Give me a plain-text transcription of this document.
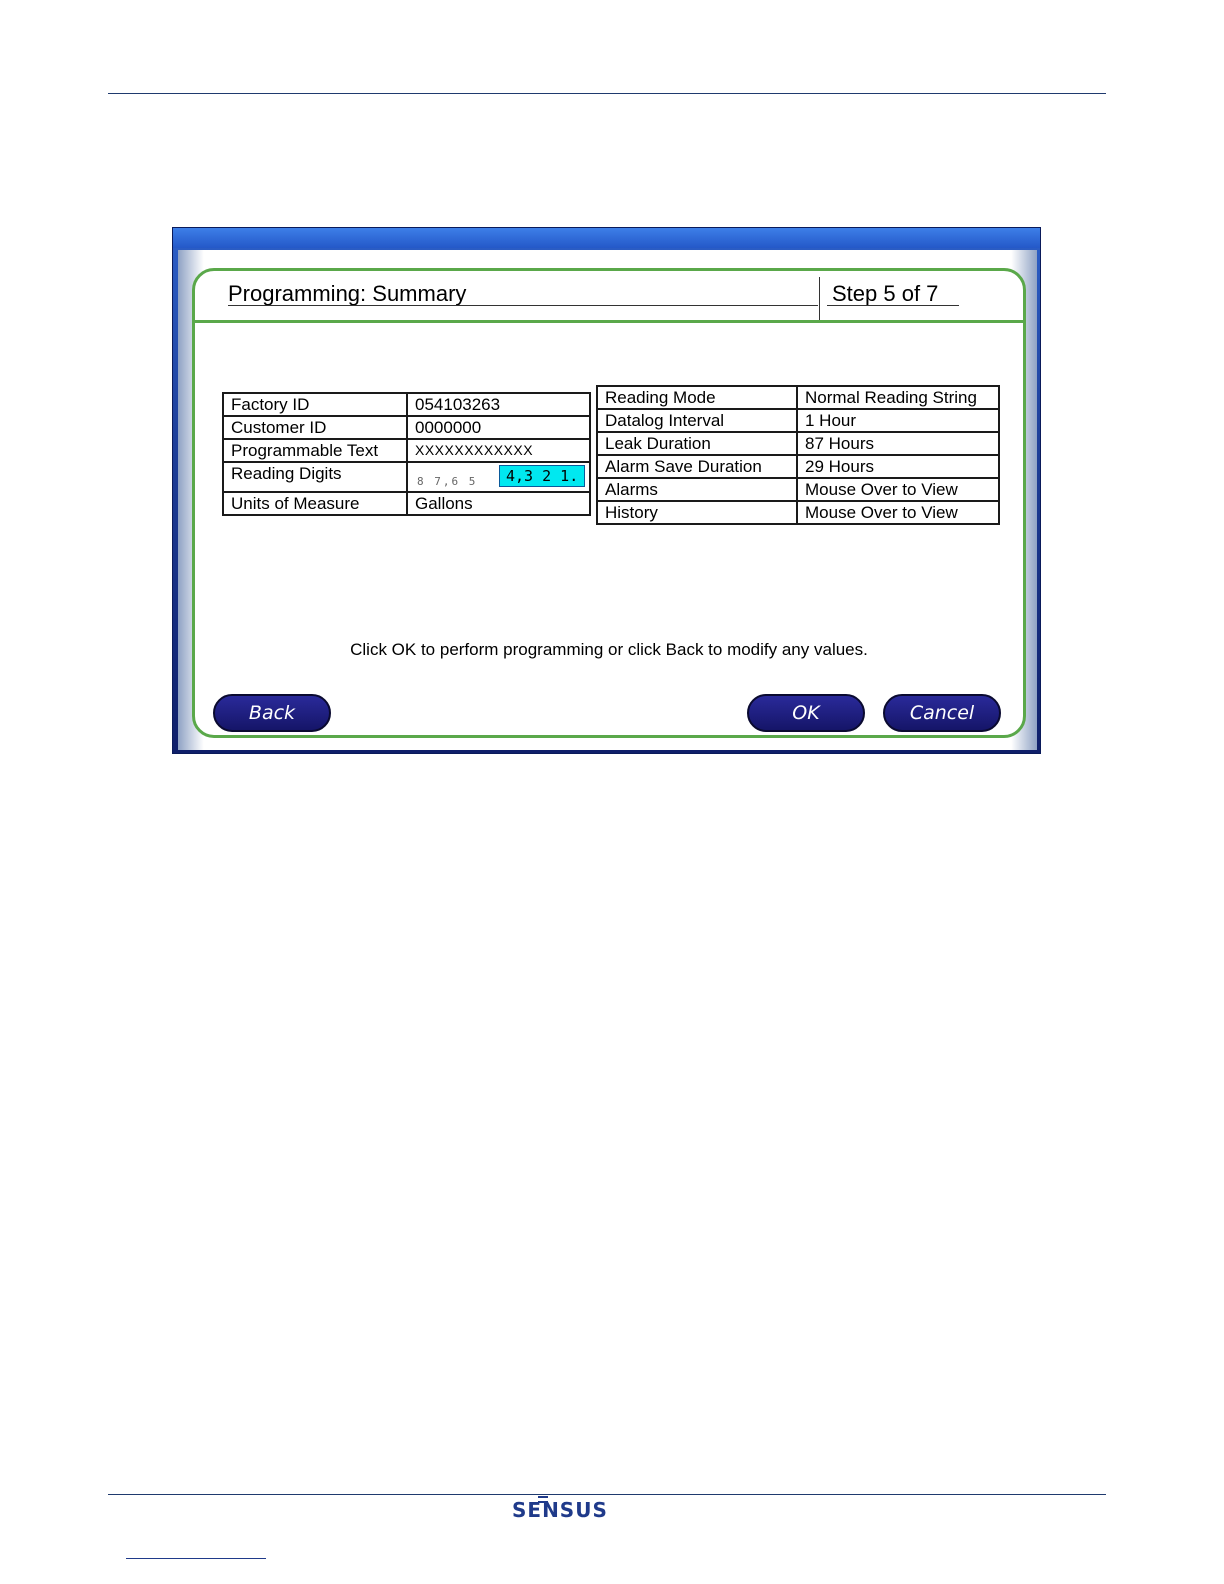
Programming: Summary	Step 5 of 7
Factory ID	054103263
Customer ID	0000000
Programmable Text	XXXXXXXXXXXX
Reading Digits	8 7,6 5 4,3 2 1.

Units of Measure	Gallons
Reading Mode	Normal Reading String
Datalog Interval	1 Hour
Leak Duration	87 Hours
Alarm Save Duration	29 Hours
Alarms	Mouse Over to View
History	Mouse Over to View
Click OK to perform programming or click Back to modify any values.
Back	OK	Cancel
SENSUS
